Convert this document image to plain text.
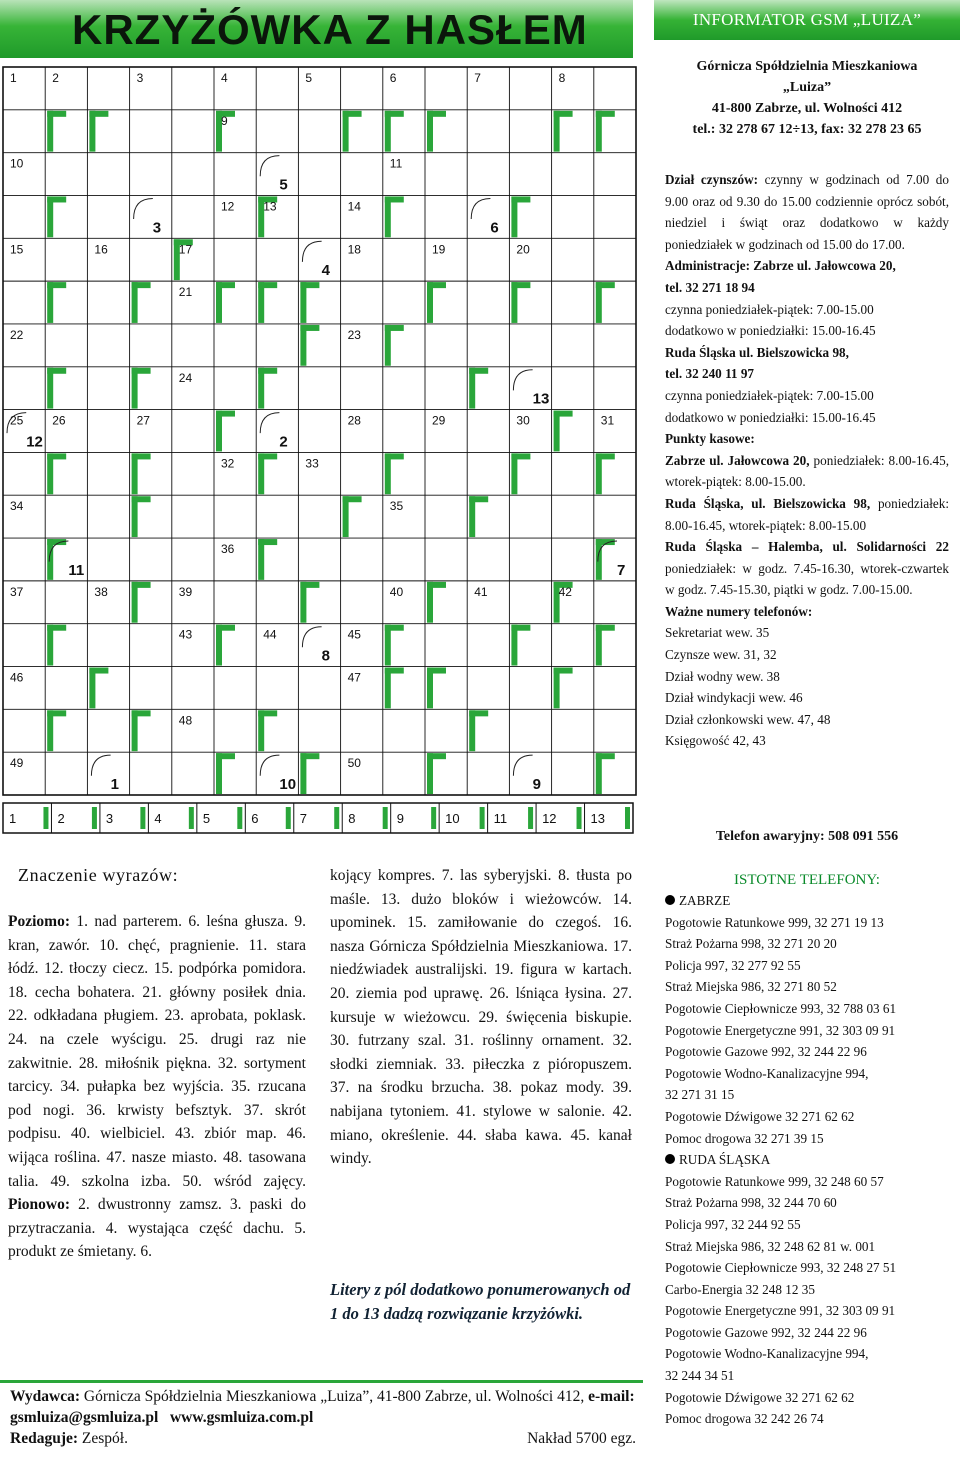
KRZYŻÓWKA Z HASŁEM
1	2	3	4	5	6	7	8
9
10	11
12 13	14
15	16	17	18	19	20
21
22	23
24
25 26	27	28	29	30	31
32	33
34	35
36
37	38	39	40	41	42
43	44	45
46	47
48
49	50
1
2
3
4
5
6
7
8
9
10
11
12
13
1	2	3	4	5	6	7	8	9	10	11	12	13
INFORMATOR GSM „LUIZA”

Górnicza Spółdzielnia Mieszkaniowa

„Luiza”

41-800 Zabrze, ul. Wolności 412

tel.: 32 278 67 12÷13, fax: 32 278 23 65

Dział czynszów: czynny w godzinach od 7.00 do 9.00 oraz od 9.30 do 15.00 codziennie oprócz sobót, niedziel i świąt oraz dodatkowo w każdy poniedziałek w godzinach od 15.00 do 17.00.

Administracje: Zabrze ul. Jałowcowa 20,

tel. 32 271 18 94

czynna poniedziałek-piątek: 7.00-15.00

dodatkowo w poniedziałki: 15.00-16.45

Ruda Śląska ul. Bielszowicka 98,

tel. 32 240 11 97

czynna poniedziałek-piątek: 7.00-15.00

dodatkowo w poniedziałki: 15.00-16.45

Punkty kasowe:

Zabrze ul. Jałowcowa 20, poniedziałek: 8.00-16.45, wtorek-piątek: 8.00-15.00.

Ruda Śląska, ul. Bielszowicka 98, poniedziałek: 8.00-16.45, wtorek-piątek: 8.00-15.00

Ruda Śląska – Halemba, ul. Solidarności 22 poniedziałek: w godz. 7.45-16.30, wtorek-czwartek w godz. 7.45-15.30, piątki w godz. 7.00-15.00.

Ważne numery telefonów:

Sekretariat wew. 35

Czynsze wew. 31, 32

Dział wodny wew. 38

Dział windykacji wew. 46

Dział członkowski wew. 47, 48

Księgowość 42, 43

Telefon awaryjny: 508 091 556
ISTOTNE TELEFONY:

ZABRZE

Pogotowie Ratunkowe 999, 32 271 19 13

Straż Pożarna 998, 32 271 20 20

Policja 997, 32 277 92 55

Straż Miejska 986, 32 271 80 52

Pogotowie Ciepłownicze 993, 32 788 03 61

Pogotowie Energetyczne 991, 32 303 09 91

Pogotowie Gazowe 992, 32 244 22 96

Pogotowie Wodno-Kanalizacyjne 994,

32 271 31 15

Pogotowie Dźwigowe 32 271 62 62

Pomoc drogowa 32 271 39 15

RUDA ŚLĄSKA

Pogotowie Ratunkowe 999, 32 248 60 57

Straż Pożarna 998, 32 244 70 60

Policja 997, 32 244 92 55

Straż Miejska 986, 32 248 62 81 w. 001

Pogotowie Ciepłownicze 993, 32 248 27 51

Carbo-Energia 32 248 12 35

Pogotowie Energetyczne 991, 32 303 09 91

Pogotowie Gazowe 992, 32 244 22 96

Pogotowie Wodno-Kanalizacyjne 994,

32 244 34 51

Pogotowie Dźwigowe 32 271 62 62

Pomoc drogowa 32 242 26 74

Znaczenie wyrazów:
Poziomo: 1. nad parterem. 6. leśna głusza. 9. kran, zawór. 10. chęć, pragnienie. 11. stara łódź. 12. tłoczy ciecz. 15. podpórka pomidora. 18. cecha bohatera. 21. główny posiłek dnia. 22. odkładana pługiem. 23. aprobata, poklask. 24. na czele wyścigu. 25. drugi raz nie zakwitnie. 28. miłośnik piękna. 32. sortyment tarcicy. 34. pułapka bez wyjścia. 35. rzucana pod nogi. 36. krwisty befsztyk. 37. skrót podpisu. 40. wielbiciel. 43. zbiór map. 46. wijąca roślina. 47. nasze miasto. 48. tasowana talia. 49. szkolna izba. 50. wśród zajęcy. Pionowo: 2. dwustronny zamsz. 3. paski do przytraczania. 4. wystająca część dachu. 5. produkt ze śmietany. 6.
kojący kompres. 7. las syberyjski. 8. tłusta po maśle. 13. dużo bloków i wieżowców. 14. upominek. 15. zamiłowanie do czegoś. 16. nasza Górnicza Spółdzielnia Mieszkaniowa. 17. niedźwiadek australijski. 19. figura w kartach. 20. ziemia pod uprawę. 26. lśniąca łysina. 27. kursuje w wieżowcu. 29. święcenia biskupie. 30. futrzany szal. 31. roślinny ornament. 32. słodki ziemniak. 33. piłeczka z pióropuszem. 37. na środku brzucha. 38. pokaz mody. 39. nabijana tytoniem. 41. stylowe w salonie. 42. miano, określenie. 44. słaba kawa. 45. kanał windy.
Litery z pól dodatkowo ponumerowanych od 1 do 13 dadzą rozwiązanie krzyżówki.
Wydawca: Górnicza Spółdzielnia Mieszkaniowa „Luiza”, 41-800 Zabrze, ul. Wolności 412, e-mail: gsmluiza@gsmluiza.pl www.gsmluiza.com.pl
Redaguje: Zespół.	Nakład 5700 egz.
